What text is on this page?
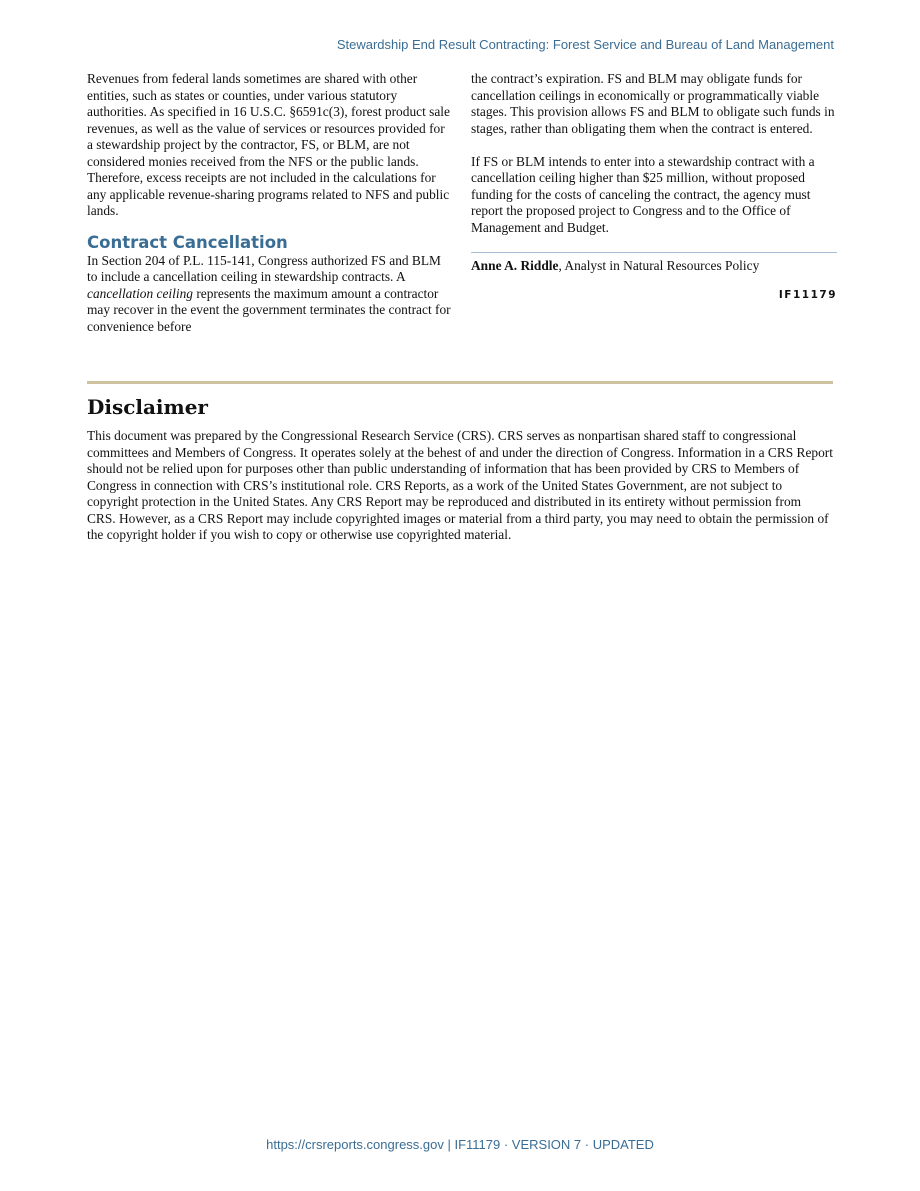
Stewardship End Result Contracting: Forest Service and Bureau of Land Management

Revenues from federal lands sometimes are shared with other entities, such as states or counties, under various statutory authorities. As specified in 16 U.S.C. §6591c(3), forest product sale revenues, as well as the value of services or resources provided for a stewardship project by the contractor, FS, or BLM, are not considered monies received from the NFS or the public lands. Therefore, excess receipts are not included in the calculations for any applicable revenue-sharing programs related to NFS and public lands.

Contract Cancellation

In Section 204 of P.L. 115-141, Congress authorized FS and BLM to include a cancellation ceiling in stewardship contracts. A cancellation ceiling represents the maximum amount a contractor may recover in the event the government terminates the contract for convenience before

the contract’s expiration. FS and BLM may obligate funds for cancellation ceilings in economically or programmatically viable stages. This provision allows FS and BLM to obligate such funds in stages, rather than obligating them when the contract is entered.

If FS or BLM intends to enter into a stewardship contract with a cancellation ceiling higher than $25 million, without proposed funding for the costs of canceling the contract, the agency must report the proposed project to Congress and to the Office of Management and Budget.

Anne A. Riddle, Analyst in Natural Resources Policy
IF11179
Disclaimer

This document was prepared by the Congressional Research Service (CRS). CRS serves as nonpartisan shared staff to congressional committees and Members of Congress. It operates solely at the behest of and under the direction of Congress. Information in a CRS Report should not be relied upon for purposes other than public understanding of information that has been provided by CRS to Members of Congress in connection with CRS’s institutional role. CRS Reports, as a work of the United States Government, are not subject to copyright protection in the United States. Any CRS Report may be reproduced and distributed in its entirety without permission from CRS. However, as a CRS Report may include copyrighted images or material from a third party, you may need to obtain the permission of the copyright holder if you wish to copy or otherwise use copyrighted material.

https://crsreports.congress.gov | IF11179 · VERSION 7 · UPDATED
